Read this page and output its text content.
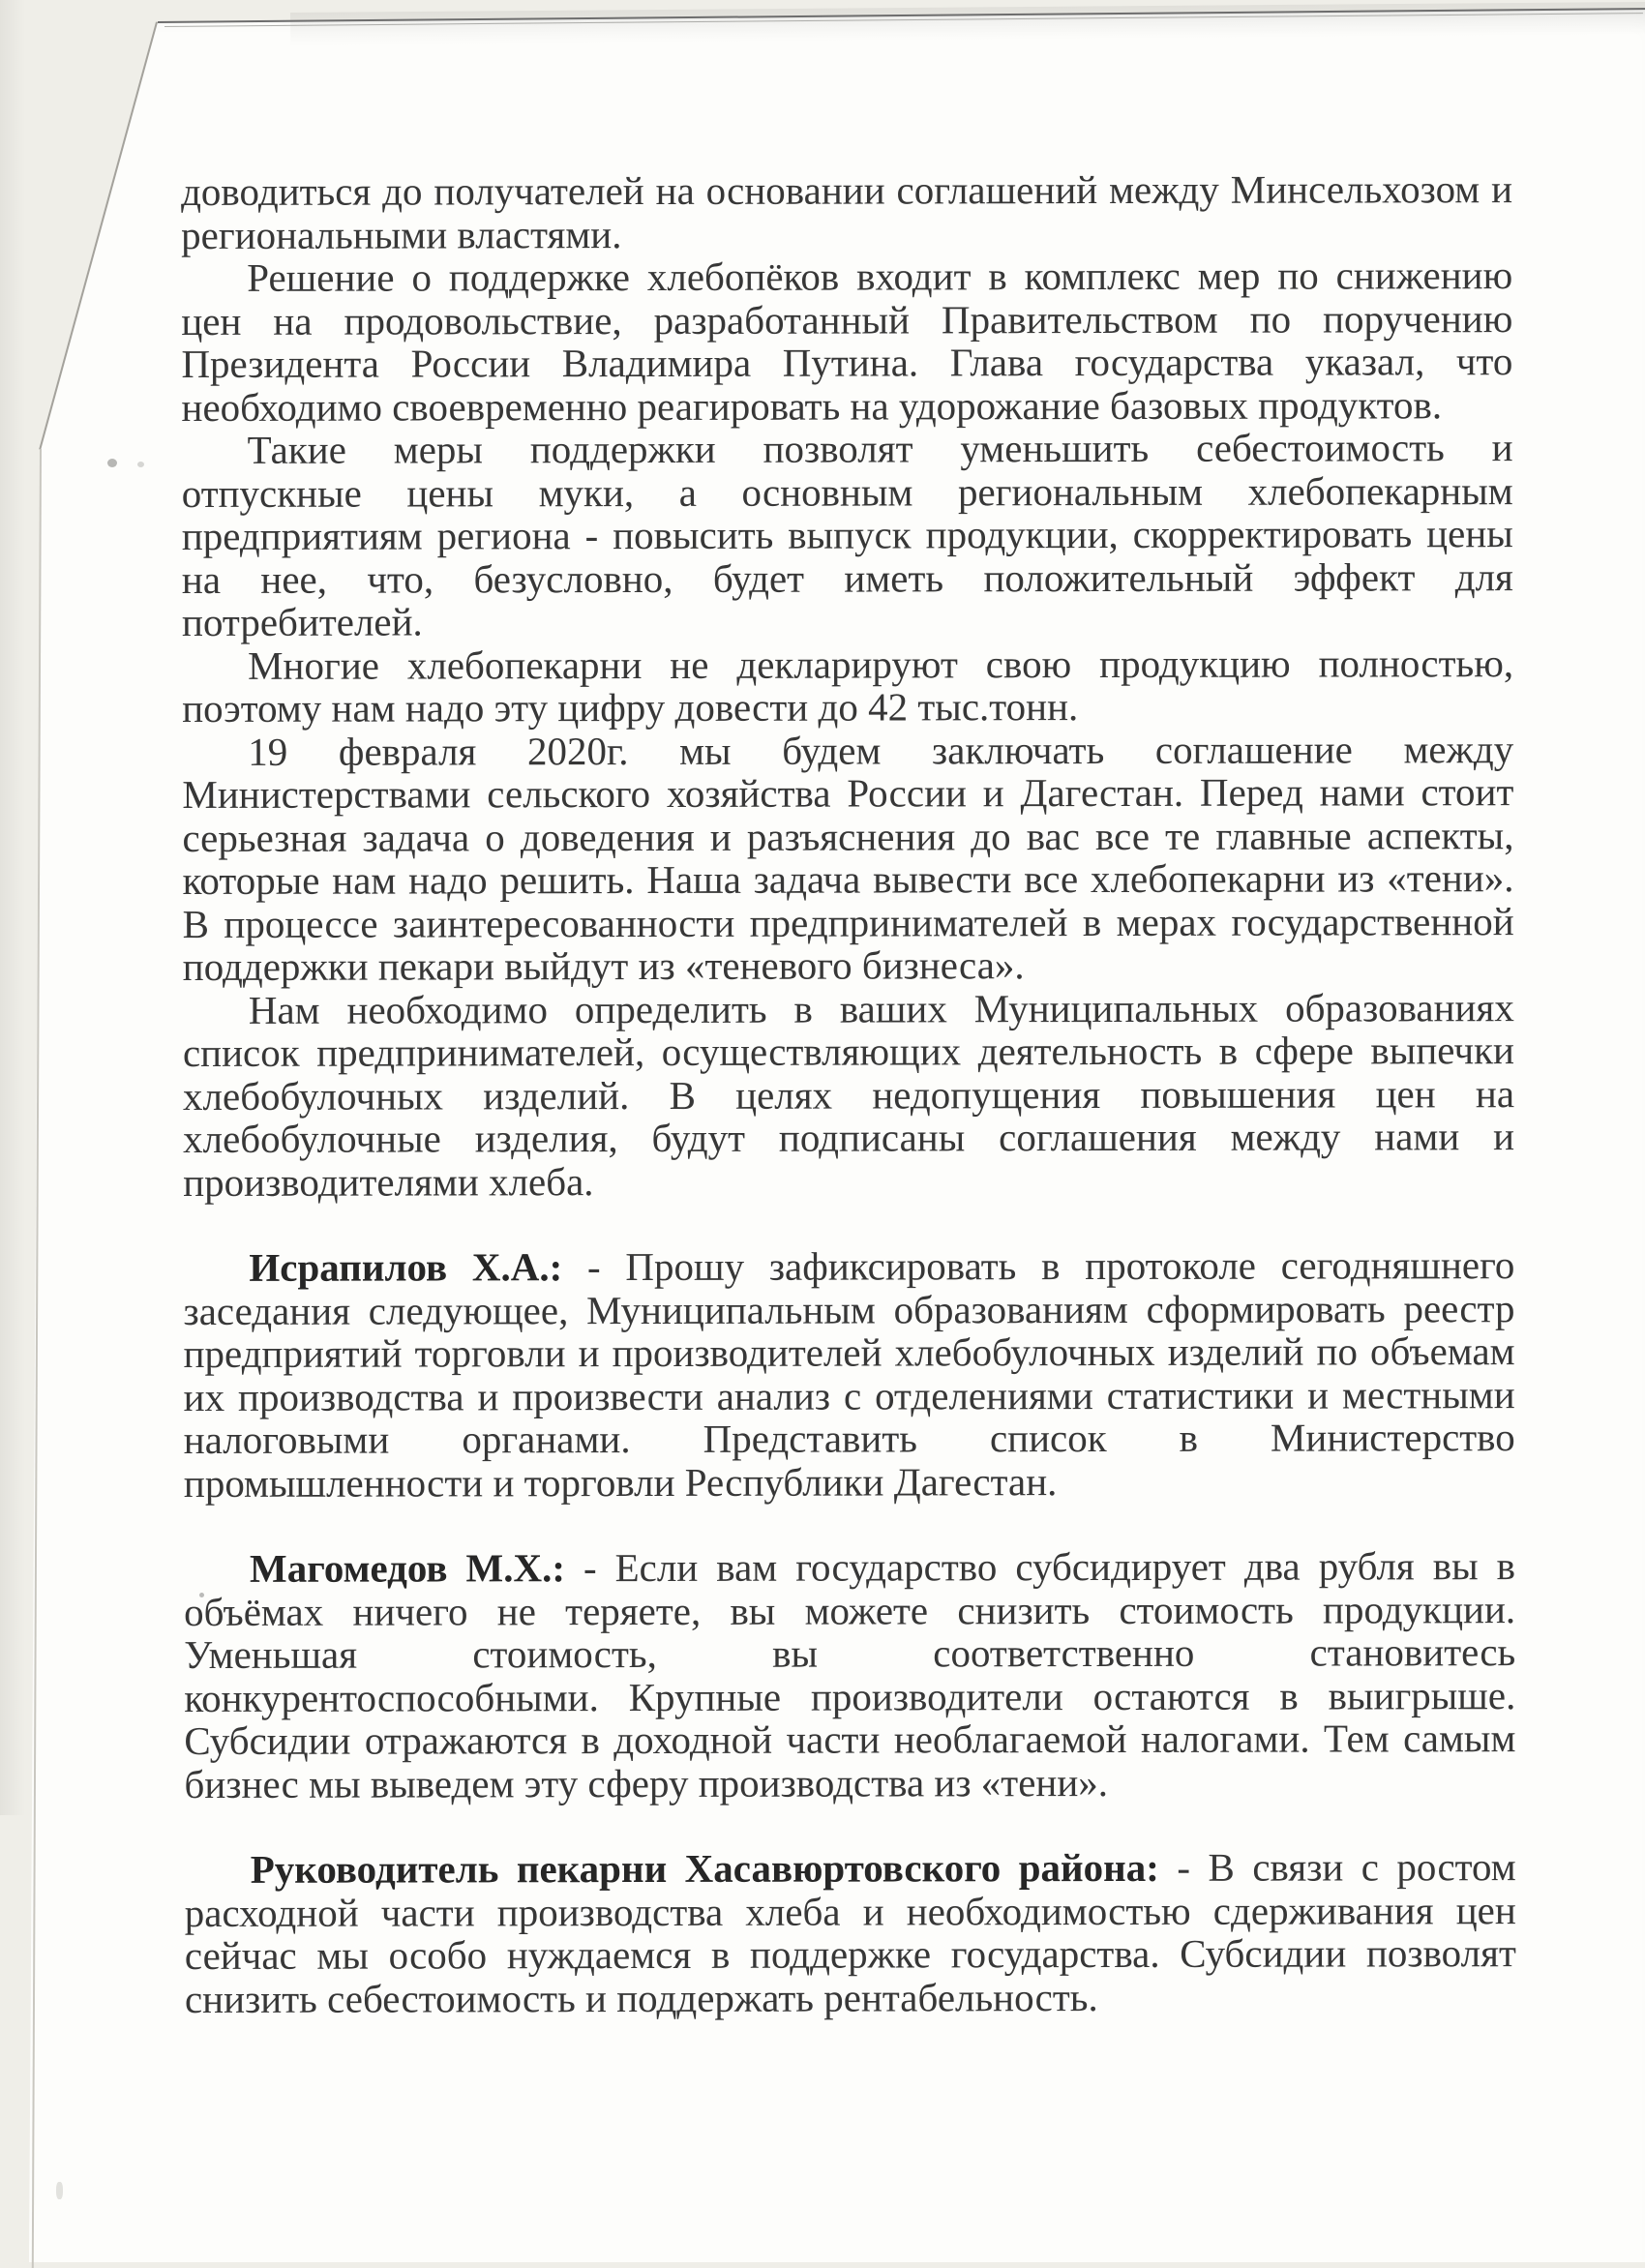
доводиться до получателей на основании соглашений между Минсельхозом и
региональными властями.
Решение о поддержке хлебопёков входит в комплекс мер по снижению
цен на продовольствие, разработанный Правительством по поручению
Президента России Владимира Путина. Глава государства указал, что
необходимо своевременно реагировать на удорожание базовых продуктов.
Такие меры поддержки позволят уменьшить себестоимость и
отпускные цены муки, а основным региональным хлебопекарным
предприятиям региона - повысить выпуск продукции, скорректировать цены
на нее, что, безусловно, будет иметь положительный эффект для
потребителей.
Многие хлебопекарни не декларируют свою продукцию полностью,
поэтому нам надо эту цифру довести до 42 тыс.тонн.
19 февраля 2020г. мы будем заключать соглашение между
Министерствами сельского хозяйства России и Дагестан. Перед нами стоит
серьезная задача о доведения и разъяснения до вас все те главные аспекты,
которые нам надо решить. Наша задача вывести все хлебопекарни из «тени».
В процессе заинтересованности предпринимателей в мерах государственной
поддержки пекари выйдут из «теневого бизнеса».
Нам необходимо определить в ваших Муниципальных образованиях
список предпринимателей, осуществляющих деятельность в сфере выпечки
хлебобулочных изделий. В целях недопущения повышения цен на
хлебобулочные изделия, будут подписаны соглашения между нами и
производителями хлеба.
Исрапилов Х.А.: - Прошу зафиксировать в протоколе сегодняшнего
заседания следующее, Муниципальным образованиям сформировать реестр
предприятий торговли и производителей хлебобулочных изделий по объемам
их производства и произвести анализ с отделениями статистики и местными
налоговыми органами. Представить список в Министерство
промышленности и торговли Республики Дагестан.
Магомедов М.Х.: - Если вам государство субсидирует два рубля вы в
объёмах ничего не теряете, вы можете снизить стоимость продукции.
Уменьшая стоимость, вы соответственно становитесь
конкурентоспособными. Крупные производители остаются в выигрыше.
Субсидии отражаются в доходной части необлагаемой налогами. Тем самым
бизнес мы выведем эту сферу производства из «тени».
Руководитель пекарни Хасавюртовского района: - В связи с ростом
расходной части производства хлеба и необходимостью сдерживания цен
сейчас мы особо нуждаемся в поддержке государства. Субсидии позволят
снизить себестоимость и поддержать рентабельность.
